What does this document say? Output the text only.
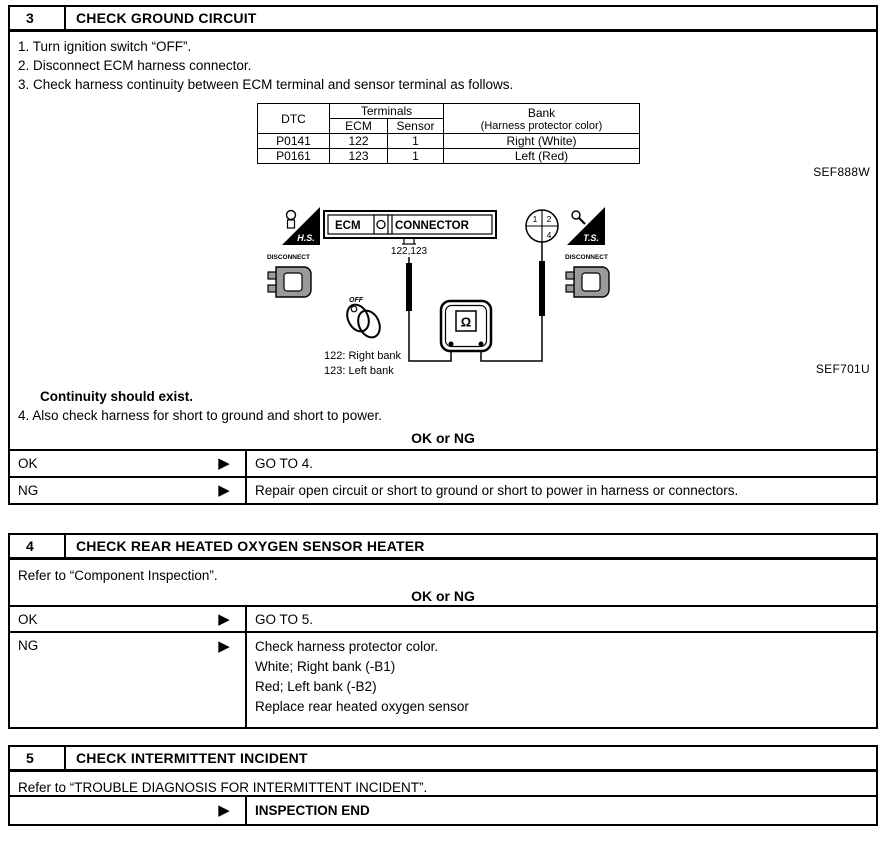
3	CHECK GROUND CIRCUIT
1. Turn ignition switch “OFF”.
2. Disconnect ECM harness connector.
3. Check harness continuity between ECM terminal and sensor terminal as follows.
DTC	Terminals		Bank
(Harness protector color)

	ECM	Sensor	
P0141	122	1	Right (White)
P0161	123	1	Left (Red)
SEF888W
H.S.
ECM	CONNECTOR
122,123
1 2
4	T.S.
DISCONNECT	DISCONNECT
OFF
Ω
122: Right bank
123: Left bank	SEF701U
Continuity should exist.
4. Also check harness for short to ground and short to power.
OK or NG
OK	▶	GO TO 4.
NG	▶	Repair open circuit or short to ground or short to power in harness or connectors.
4	CHECK REAR HEATED OXYGEN SENSOR HEATER
Refer to “Component Inspection”.
OK or NG
OK	▶	GO TO 5.
NG	▶	Check harness protector color.
White; Right bank (-B1)
Red; Left bank (-B2)
Replace rear heated oxygen sensor
5	CHECK INTERMITTENT INCIDENT
Refer to “TROUBLE DIAGNOSIS FOR INTERMITTENT INCIDENT”.
▶	INSPECTION END
